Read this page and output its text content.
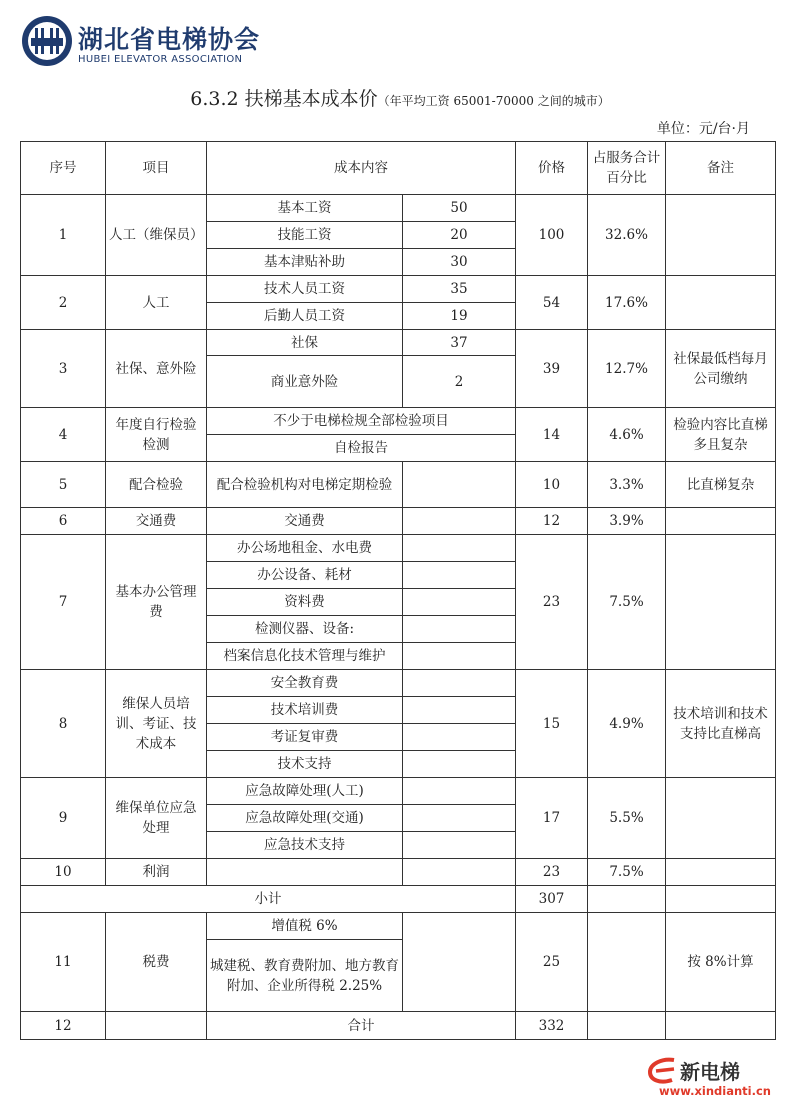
湖北省电梯协会
HUBEI ELEVATOR ASSOCIATION
6.3.2 扶梯基本成本价（年平均工资 65001-70000 之间的城市）
单位：元/台·月
序号	项目	成本内容		价格	占服务合计百分比	备注
1	人工（维保员）	基本工资	50	100	32.6%	
		技能工资	20			
		基本津贴补助	30			
2	人工	技术人员工资	35	54	17.6%	
		后勤人员工资	19			
3	社保、意外险	社保	37	39	12.7%	社保最低档每月公司缴纳
		商业意外险	2			
4	年度自行检验检测	不少于电梯检规全部检验项目		14	4.6%	检验内容比直梯多且复杂
		自检报告				
5	配合检验	配合检验机构对电梯定期检验		10	3.3%	比直梯复杂
6	交通费	交通费		12	3.9%	
7	基本办公管理费	办公场地租金、水电费		23	7.5%	
		办公设备、耗材				
		资料费				
		检测仪器、设备:				
		档案信息化技术管理与维护				
8	维保人员培训、考证、技术成本	安全教育费		15	4.9%	技术培训和技术支持比直梯高
		技术培训费				
		考证复审费				
		技术支持				
9	维保单位应急处理	应急故障处理(人工)		17	5.5%	
		应急故障处理(交通)				
		应急技术支持				
10	利润			23	7.5%	
小计				307		
11	税费	增值税 6%		25		按 8%计算
		城建税、教育费附加、地方教育附加、企业所得税 2.25%				
12		合计		332		
新电梯
www.xindianti.cn
